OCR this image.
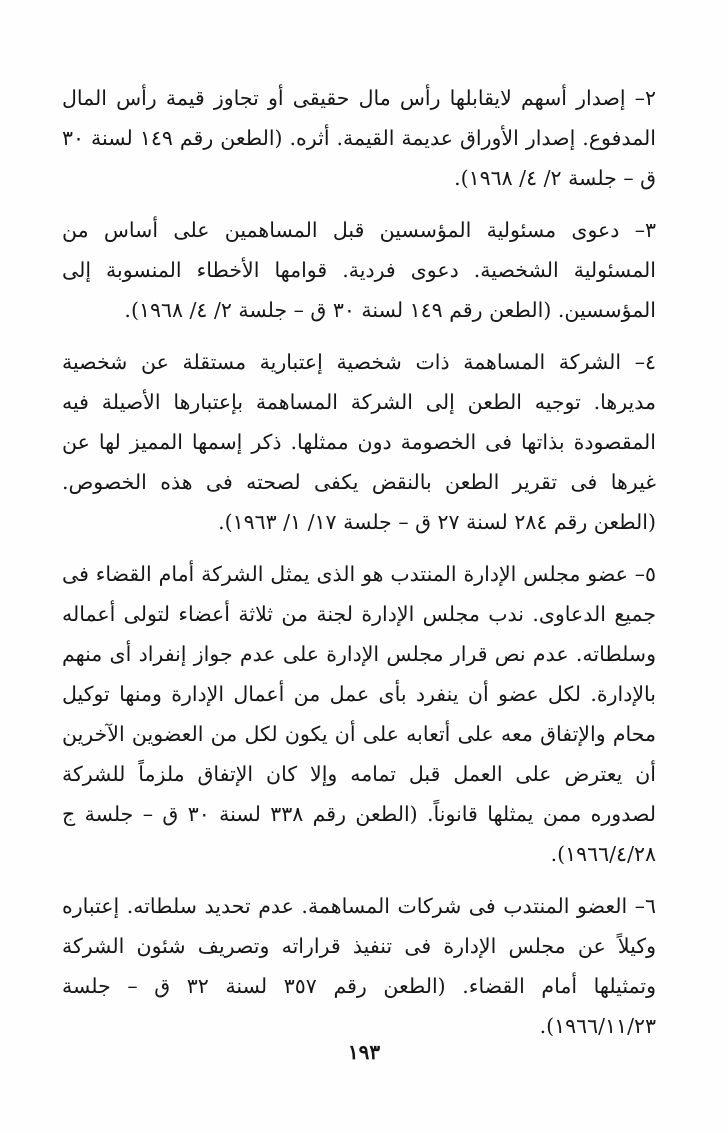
٢– إصدار أسهم لايقابلها رأس مال حقيقى أو تجاوز قيمة رأس المال المدفوع. إصدار الأوراق عديمة القيمة. أثره. (الطعن رقم ١٤٩ لسنة ٣٠ ق – جلسة ٢/ ٤/ ١٩٦٨).

٣– دعوى مسئولية المؤسسين قبل المساهمين على أساس من المسئولية الشخصية. دعوى فردية. قوامها الأخطاء المنسوبة إلى المؤسسين. (الطعن رقم ١٤٩ لسنة ٣٠ ق – جلسة ٢/ ٤/ ١٩٦٨).

٤– الشركة المساهمة ذات شخصية إعتبارية مستقلة عن شخصية مديرها. توجيه الطعن إلى الشركة المساهمة بإعتبارها الأصيلة فيه المقصودة بذاتها فى الخصومة دون ممثلها. ذكر إسمها المميز لها عن غيرها فى تقرير الطعن بالنقض يكفى لصحته فى هذه الخصوص. (الطعن رقم ٢٨٤ لسنة ٢٧ ق – جلسة ١٧/ ١/ ١٩٦٣).

٥– عضو مجلس الإدارة المنتدب هو الذى يمثل الشركة أمام القضاء فى جميع الدعاوى. ندب مجلس الإدارة لجنة من ثلاثة أعضاء لتولى أعماله وسلطاته. عدم نص قرار مجلس الإدارة على عدم جواز إنفراد أى منهم بالإدارة. لكل عضو أن ينفرد بأى عمل من أعمال الإدارة ومنها توكيل محام والإتفاق معه على أتعابه على أن يكون لكل من العضوين الآخرين أن يعترض على العمل قبل تمامه وإلا كان الإتفاق ملزماً للشركة لصدوره ممن يمثلها قانوناً. (الطعن رقم ٣٣٨ لسنة ٣٠ ق – جلسة ج ١٩٦٦/٤/٢٨).

٦– العضو المنتدب فى شركات المساهمة. عدم تحديد سلطاته. إعتباره وكيلاً عن مجلس الإدارة فى تنفيذ قراراته وتصريف شئون الشركة وتمثيلها أمام القضاء. (الطعن رقم ٣٥٧ لسنة ٣٢ ق – جلسة ١٩٦٦/١١/٢٣).

١٩٣
